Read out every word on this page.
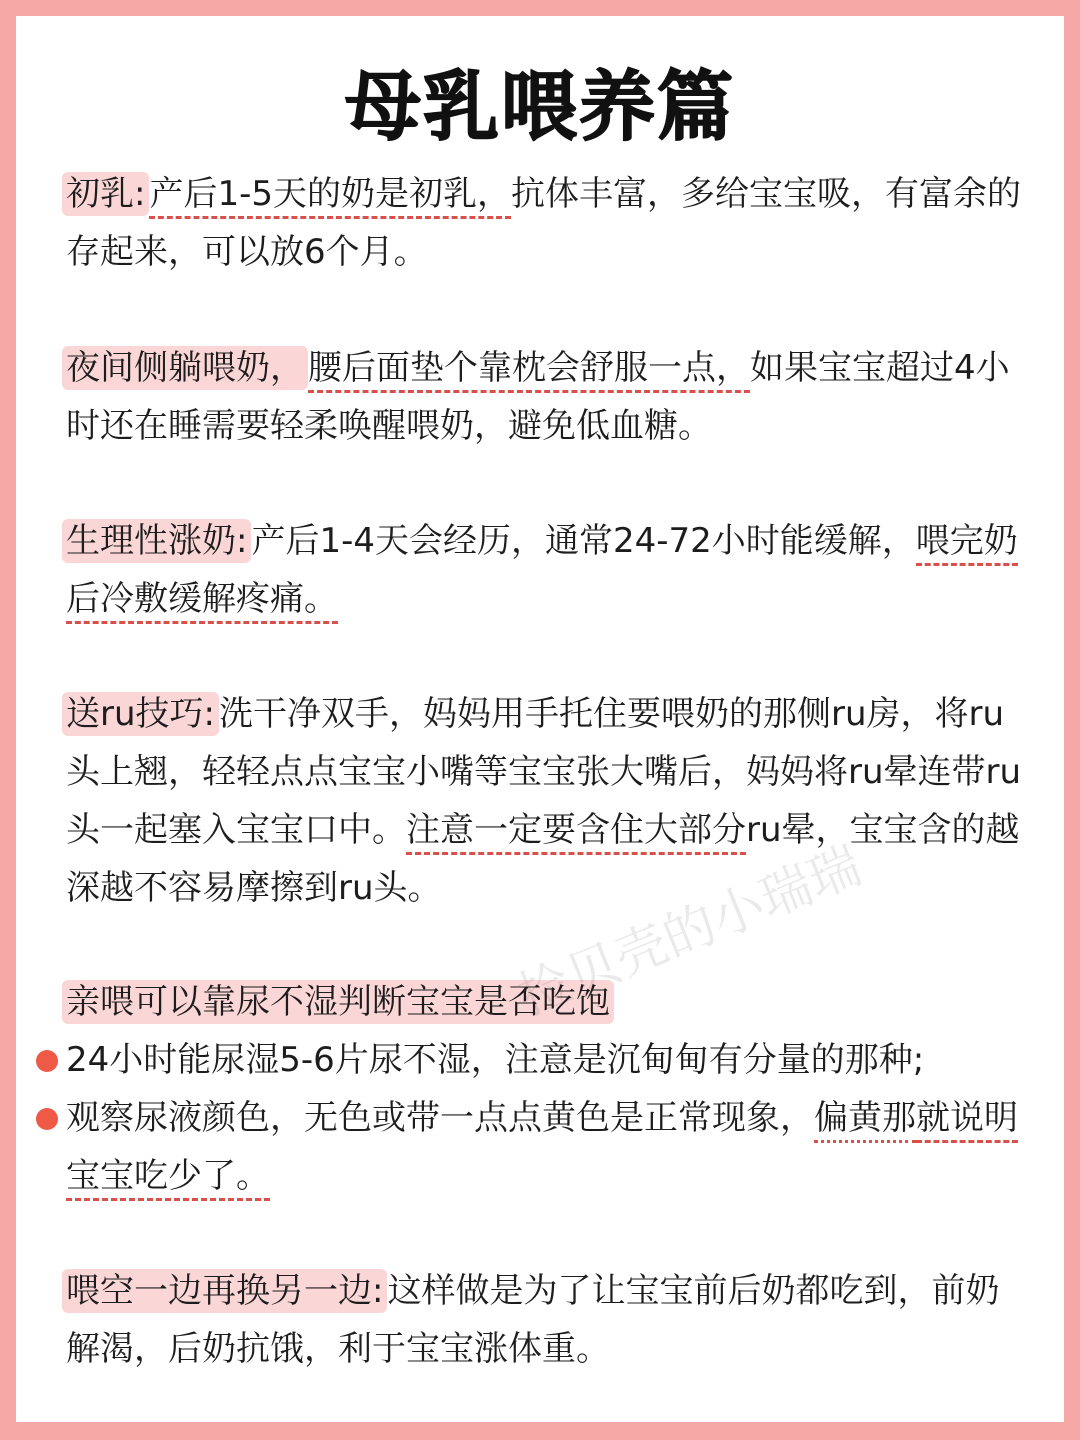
母乳喂养篇
初乳: 产后1-5天的奶是初乳，抗体丰富，多给宝宝吸，有富余的存起来，可以放6个月。
夜间侧躺喂奶， 腰后面垫个靠枕会舒服一点，如果宝宝超过4小时还在睡需要轻柔唤醒喂奶，避免低血糖。
生理性涨奶: 产后1-4天会经历，通常24-72小时能缓解，喂完奶后冷敷缓解疼痛。
送ru技巧: 洗干净双手，妈妈用手托住要喂奶的那侧ru房，将ru头上翘，轻轻点点宝宝小嘴等宝宝张大嘴后，妈妈将ru晕连带ru头一起塞入宝宝口中。注意一定要含住大部分ru晕，宝宝含的越深越不容易摩擦到ru头。
亲喂可以靠尿不湿判断宝宝是否吃饱
24小时能尿湿5-6片尿不湿，注意是沉甸甸有分量的那种;
观察尿液颜色，无色或带一点点黄色是正常现象，偏黄那就说明宝宝吃少了。
喂空一边再换另一边: 这样做是为了让宝宝前后奶都吃到，前奶解渴，后奶抗饿，利于宝宝涨体重。
捡贝壳的小瑞瑞
